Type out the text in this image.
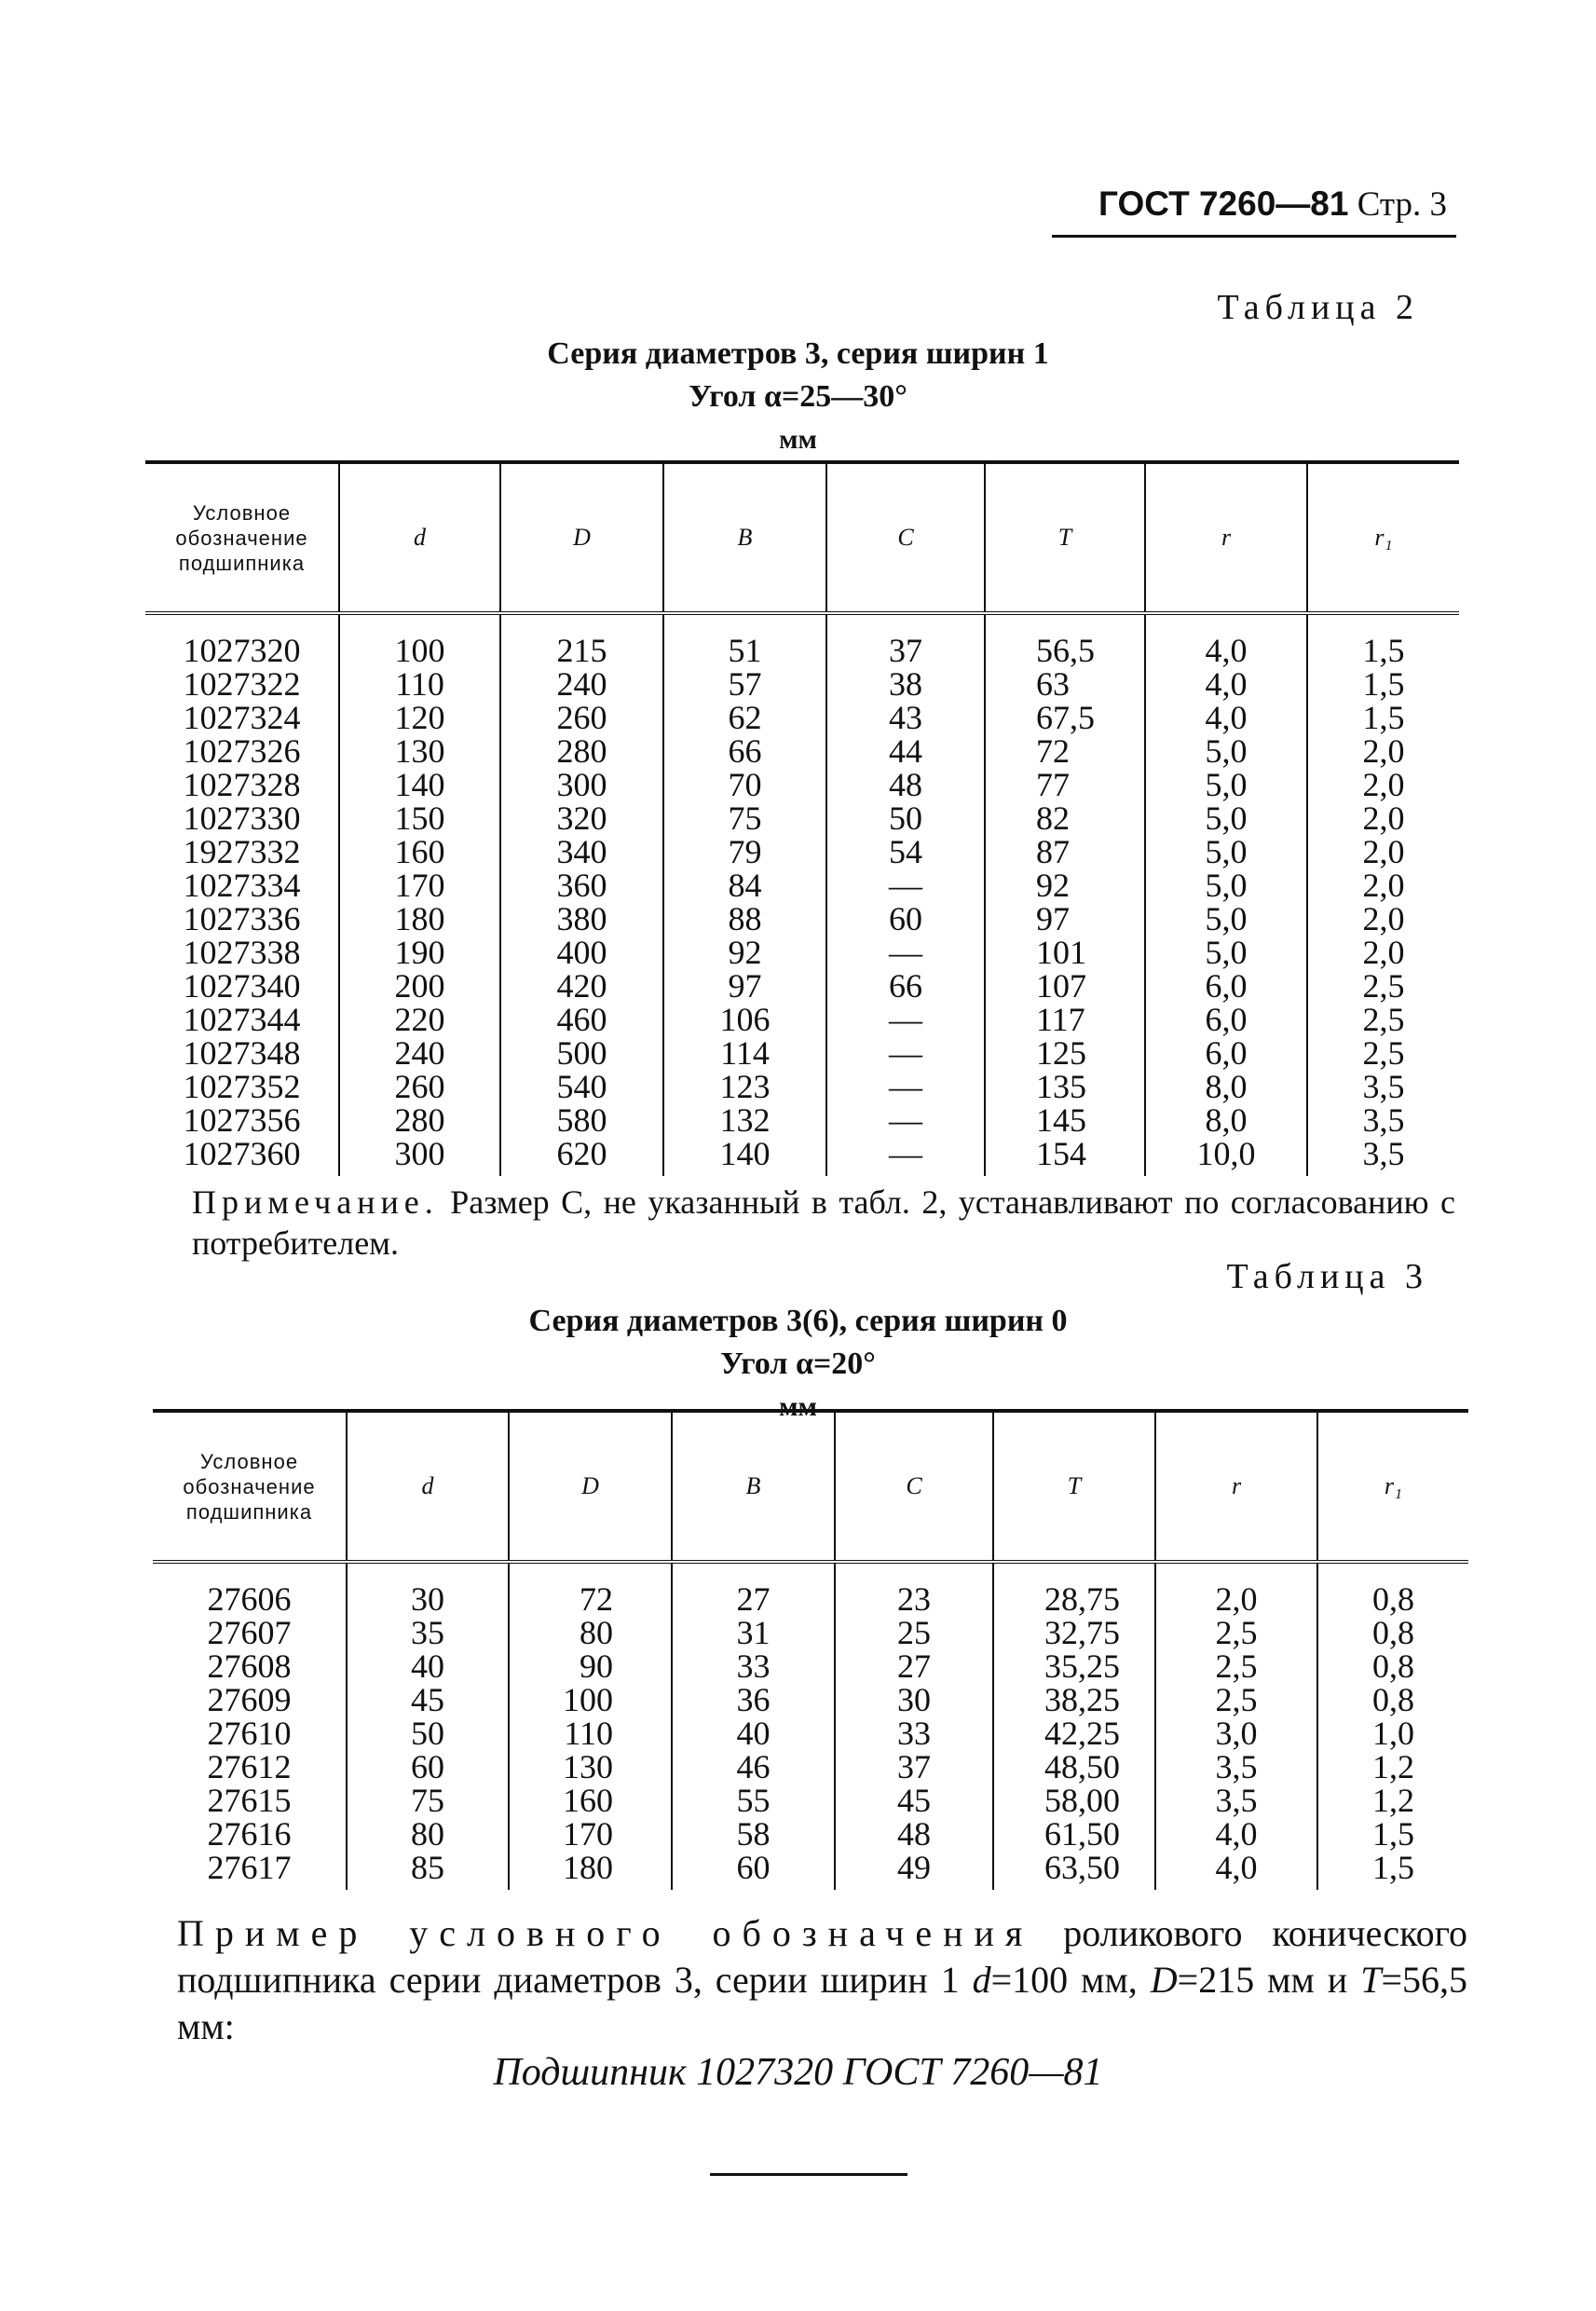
ГОСТ 7260—81 Стр. 3
Таблица 2
Серия диаметров 3, серия ширин 1
Угол α=25—30°
мм
Условное обозначение подшипника	d	D	B	C	T	r	r₁
1027320	100	215	51	37	56,5	4,0	1,5
1027322	110	240	57	38	63	4,0	1,5
1027324	120	260	62	43	67,5	4,0	1,5
1027326	130	280	66	44	72	5,0	2,0
1027328	140	300	70	48	77	5,0	2,0
1027330	150	320	75	50	82	5,0	2,0
1927332	160	340	79	54	87	5,0	2,0
1027334	170	360	84	—	92	5,0	2,0
1027336	180	380	88	60	97	5,0	2,0
1027338	190	400	92	—	101	5,0	2,0
1027340	200	420	97	66	107	6,0	2,5
1027344	220	460	106	—	117	6,0	2,5
1027348	240	500	114	—	125	6,0	2,5
1027352	260	540	123	—	135	8,0	3,5
1027356	280	580	132	—	145	8,0	3,5
1027360	300	620	140	—	154	10,0	3,5
Примечание. Размер С, не указанный в табл. 2, устанавливают по согласованию с потребителем.
Таблица 3
Серия диаметров 3(6), серия ширин 0
Угол α=20°
мм
Условное обозначение подшипника	d	D	B	C	T	r	r₁
27606	30	72	27	23	28,75	2,0	0,8
27607	35	80	31	25	32,75	2,5	0,8
27608	40	90	33	27	35,25	2,5	0,8
27609	45	100	36	30	38,25	2,5	0,8
27610	50	110	40	33	42,25	3,0	1,0
27612	60	130	46	37	48,50	3,5	1,2
27615	75	160	55	45	58,00	3,5	1,2
27616	80	170	58	48	61,50	4,0	1,5
27617	85	180	60	49	63,50	4,0	1,5
Пример условного обозначения роликового конического подшипника серии диаметров 3, серии ширин 1 d=100 мм, D=215 мм и T=56,5 мм:
Подшипник 1027320 ГОСТ 7260—81
